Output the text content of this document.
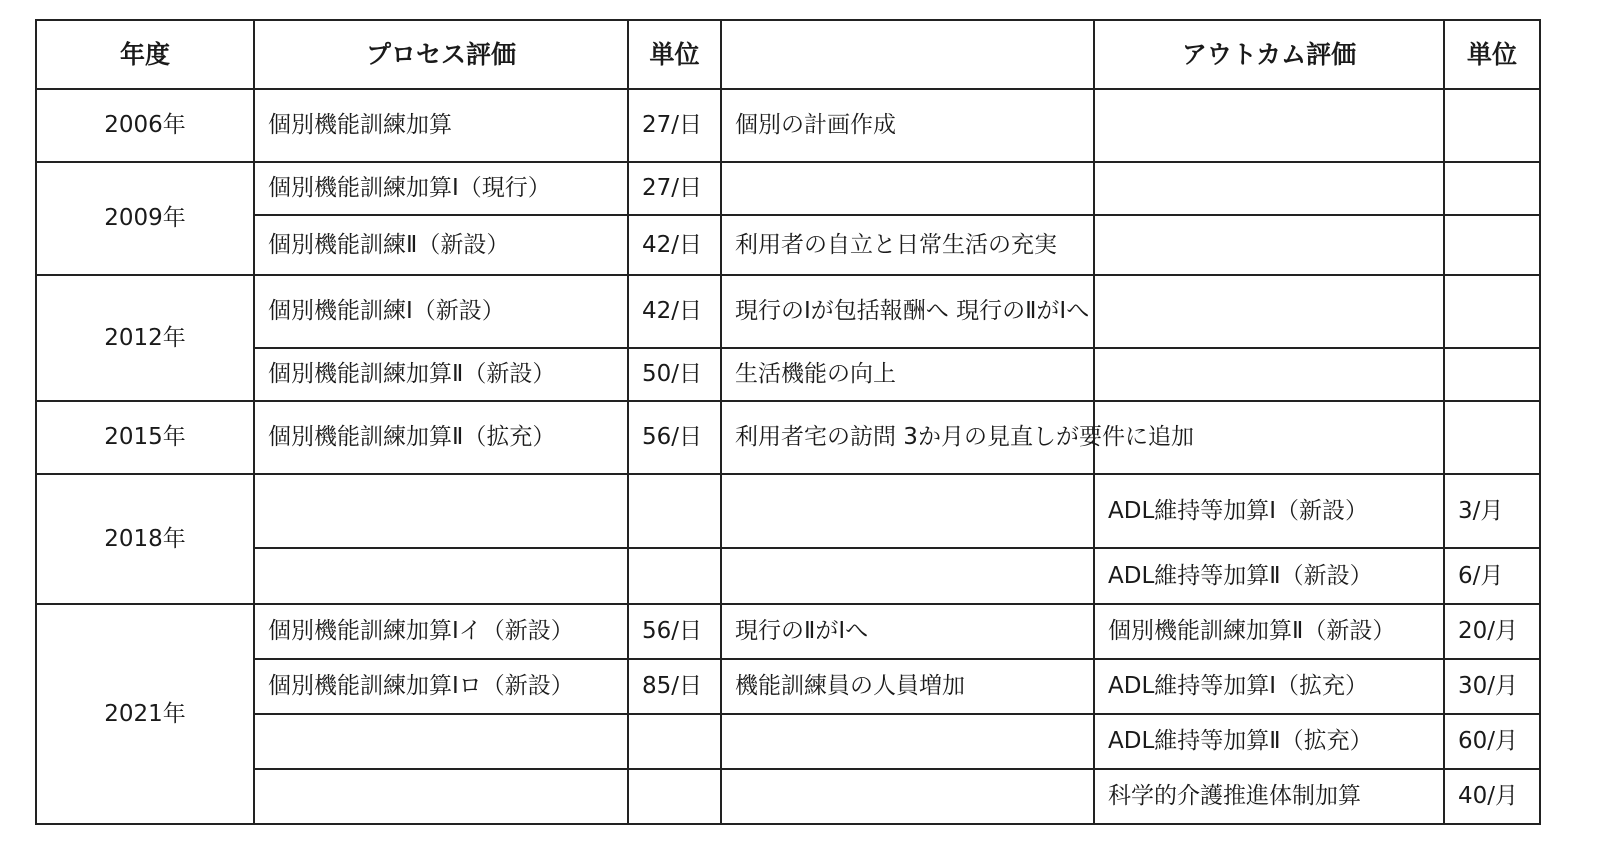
年度	プロセス評価	単位		アウトカム評価	単位
2006年	個別機能訓練加算	27/日	個別の計画作成		
2009年	個別機能訓練加算Ⅰ（現行）	27/日			
	個別機能訓練Ⅱ（新設）	42/日	利用者の自立と日常生活の充実		
2012年	個別機能訓練Ⅰ（新設）	42/日	現行のⅠが包括報酬へ 現行のⅡがⅠへ		
	個別機能訓練加算Ⅱ（新設）	50/日	生活機能の向上		
2015年	個別機能訓練加算Ⅱ（拡充）	56/日	利用者宅の訪問 3か月の見直しが要件に追加		
2018年				ADL維持等加算Ⅰ（新設）	3/月
				ADL維持等加算Ⅱ（新設）	6/月
2021年	個別機能訓練加算Ⅰイ（新設）	56/日	現行のⅡがⅠへ	個別機能訓練加算Ⅱ（新設）	20/月
	個別機能訓練加算Ⅰロ（新設）	85/日	機能訓練員の人員増加	ADL維持等加算Ⅰ（拡充）	30/月
				ADL維持等加算Ⅱ（拡充）	60/月
				科学的介護推進体制加算	40/月
